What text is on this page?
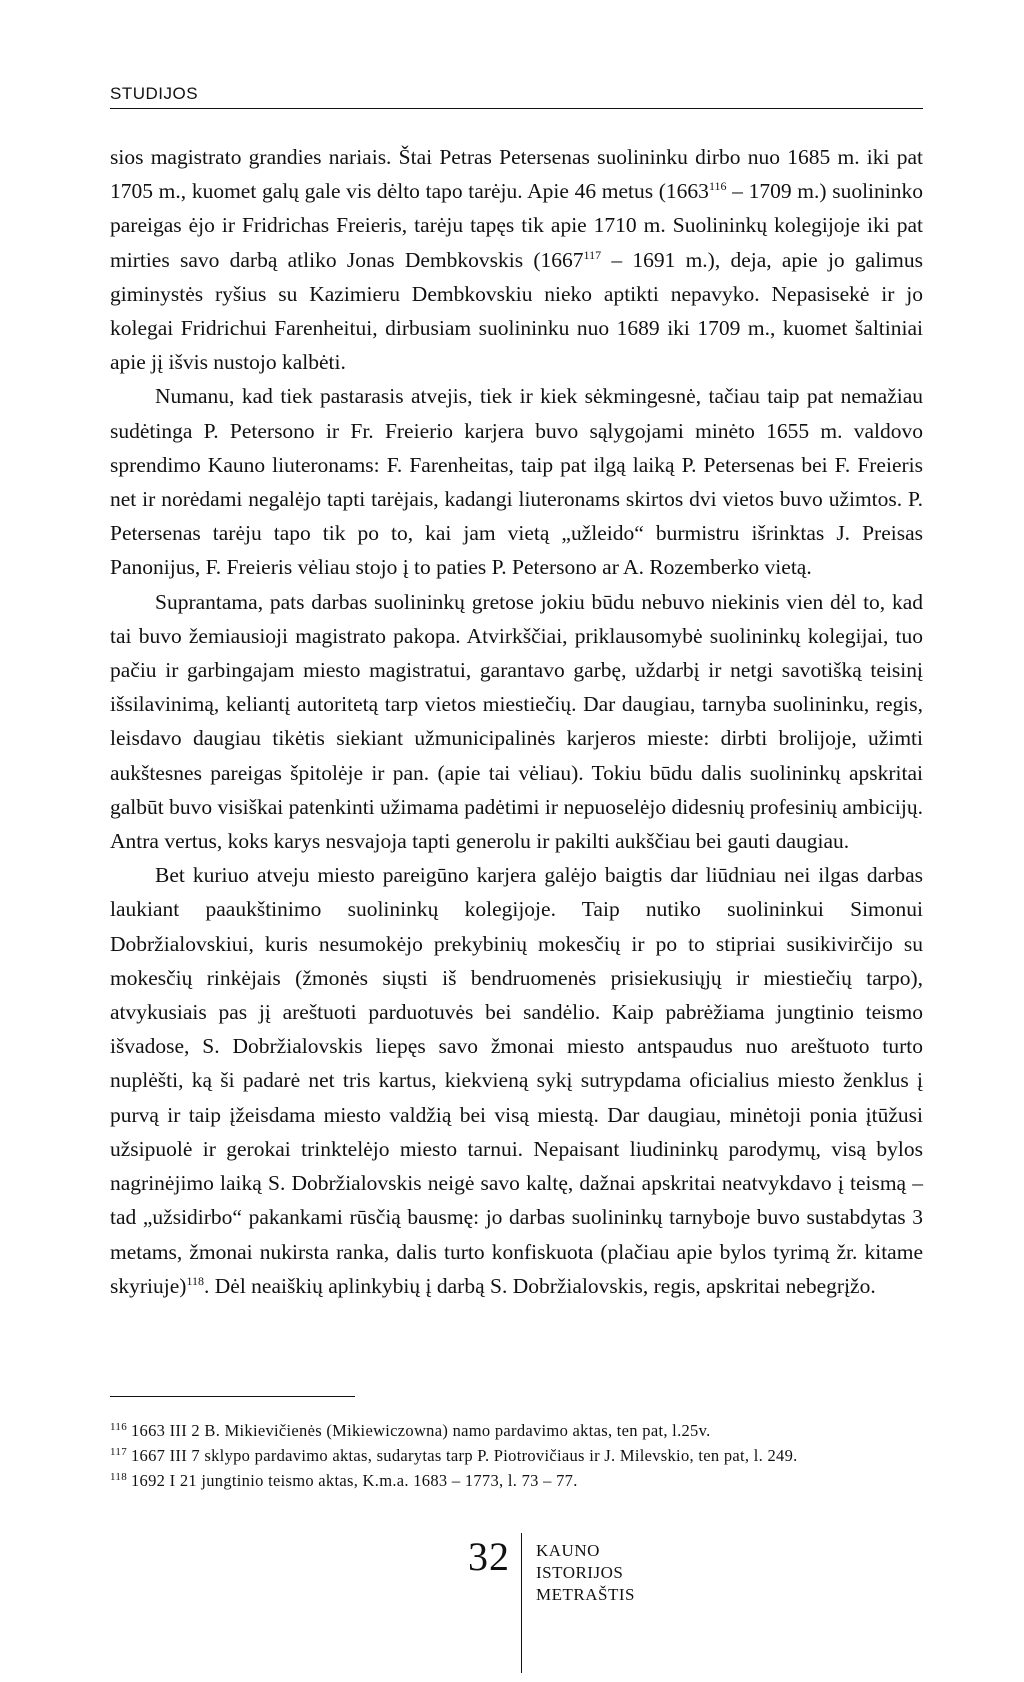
STUDIJOS

sios magistrato grandies nariais. Štai Petras Petersenas suolininku dirbo nuo 1685 m. iki pat 1705 m., kuomet galų gale vis dėlto tapo tarėju. Apie 46 metus (1663$^{116}$ – 1709 m.) suolininko pareigas ėjo ir Fridrichas Freieris, tarėju tapęs tik apie 1710 m. Suolininkų kolegijoje iki pat mirties savo darbą atliko Jonas Dembkovskis (1667$^{117}$ – 1691 m.), deja, apie jo galimus giminystės ryšius su Kazimieru Dembkovskiu nieko aptikti nepavyko. Nepasisekė ir jo kolegai Fridrichui Farenheitui, dirbusiam suolininku nuo 1689 iki 1709 m., kuomet šaltiniai apie jį išvis nustojo kalbėti.

Numanu, kad tiek pastarasis atvejis, tiek ir kiek sėkmingesnė, tačiau taip pat nemažiau sudėtinga P. Petersono ir Fr. Freierio karjera buvo sąlygojami minėto 1655 m. valdovo sprendimo Kauno liuteronams: F. Farenheitas, taip pat ilgą laiką P. Petersenas bei F. Freieris net ir norėdami negalėjo tapti tarėjais, kadangi liuteronams skirtos dvi vietos buvo užimtos. P. Petersenas tarėju tapo tik po to, kai jam vietą „užleido“ burmistru išrinktas J. Preisas Panonijus, F. Freieris vėliau stojo į to paties P. Petersono ar A. Rozemberko vietą.

Suprantama, pats darbas suolininkų gretose jokiu būdu nebuvo niekinis vien dėl to, kad tai buvo žemiausioji magistrato pakopa. Atvirkščiai, priklausomybė suolininkų kolegijai, tuo pačiu ir garbingajam miesto magistratui, garantavo garbę, uždarbį ir netgi savotišką teisinį išsilavinimą, keliantį autoritetą tarp vietos miestiečių. Dar daugiau, tarnyba suolininku, regis, leisdavo daugiau tikėtis siekiant užmunicipalinės karjeros mieste: dirbti brolijoje, užimti aukštesnes pareigas špitolėje ir pan. (apie tai vėliau). Tokiu būdu dalis suolininkų apskritai galbūt buvo visiškai patenkinti užimama padėtimi ir nepuoselėjo didesnių profesinių ambicijų. Antra vertus, koks karys nesvajoja tapti generolu ir pakilti aukščiau bei gauti daugiau.

Bet kuriuo atveju miesto pareigūno karjera galėjo baigtis dar liūdniau nei ilgas darbas laukiant paaukštinimo suolininkų kolegijoje. Taip nutiko suolininkui Simonui Dobržialovskiui, kuris nesumokėjo prekybinių mokesčių ir po to stipriai susikivirčijo su mokesčių rinkėjais (žmonės siųsti iš bendruomenės prisiekusiųjų ir miestiečių tarpo), atvykusiais pas jį areštuoti parduotuvės bei sandėlio. Kaip pabrėžiama jungtinio teismo išvadose, S. Dobržialovskis liepęs savo žmonai miesto antspaudus nuo areštuoto turto nuplėšti, ką ši padarė net tris kartus, kiekvieną sykį sutrypdama oficialius miesto ženklus į purvą ir taip įžeisdama miesto valdžią bei visą miestą. Dar daugiau, minėtoji ponia įtūžusi užsipuolė ir gerokai trinktelėjo miesto tarnui. Nepaisant liudininkų parodymų, visą bylos nagrinėjimo laiką S. Dobržialovskis neigė savo kaltę, dažnai apskritai neatvykdavo į teismą – tad „užsidirbo“ pakankami rūsčią bausmę: jo darbas suolininkų tarnyboje buvo sustabdytas 3 metams, žmonai nukirsta ranka, dalis turto konfiskuota (plačiau apie bylos tyrimą žr. kitame skyriuje)$^{118}$. Dėl neaiškių aplinkybių į darbą S. Dobržialovskis, regis, apskritai nebegrįžo.

$^{116}$ 1663 III 2 B. Mikievičienės (Mikiewiczowna) namo pardavimo aktas, ten pat, l.25v.

$^{117}$ 1667 III 7 sklypo pardavimo aktas, sudarytas tarp P. Piotrovičiaus ir J. Milevskio, ten pat, l. 249.

$^{118}$ 1692 I 21 jungtinio teismo aktas, K.m.a. 1683 – 1773, l. 73 – 77.

32 KAUNO
ISTORIJOS
METRAŠTIS
